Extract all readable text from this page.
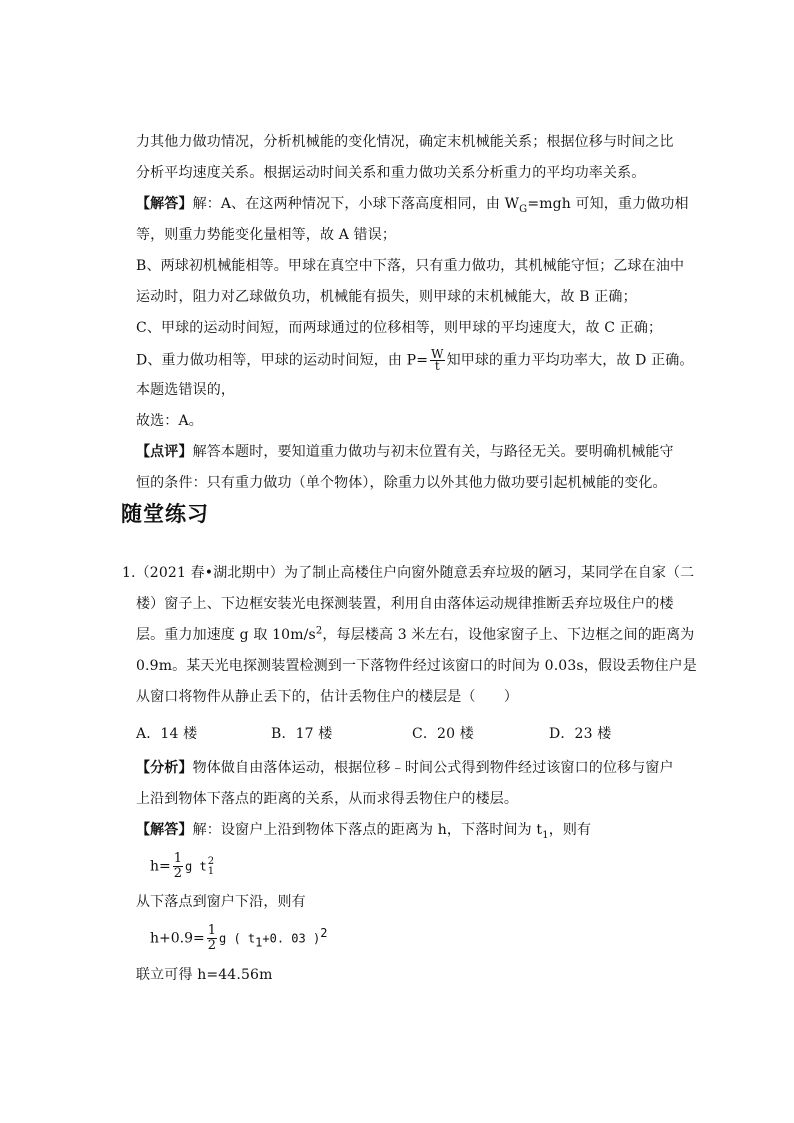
力其他力做功情况，分析机械能的变化情况，确定末机械能关系；根据位移与时间之比
分析平均速度关系。根据运动时间关系和重力做功关系分析重力的平均功率关系。
【解答】解：A、在这两种情况下，小球下落高度相同，由 $W_G=mgh$ 可知，重力做功相
等，则重力势能变化量相等，故 A 错误；
B、两球初机械能相等。甲球在真空中下落，只有重力做功，其机械能守恒；乙球在油中
运动时，阻力对乙球做负功，机械能有损失，则甲球的末机械能大，故 B 正确；
C、甲球的运动时间短，而两球通过的位移相等，则甲球的平均速度大，故 C 正确；
D、重力做功相等，甲球的运动时间短，由 $P= \frac{W}{t}$ 知甲球的重力平均功率大，故 D 正确。
本题选错误的，
故选：A。
【点评】解答本题时，要知道重力做功与初末位置有关，与路径无关。要明确机械能守
恒的条件：只有重力做功（单个物体），除重力以外其他力做功要引起机械能的变化。
随堂练习
1.（2021 春•湖北期中）为了制止高楼住户向窗外随意丢弃垃圾的陋习，某同学在自家（二
楼）窗子上、下边框安装光电探测装置，利用自由落体运动规律推断丢弃垃圾住户的楼
层。重力加速度 g 取 $10m/s^2$，每层楼高 3 米左右，设他家窗子上、下边框之间的距离为
0.9m。某天光电探测装置检测到一下落物件经过该窗口的时间为 0.03s，假设丢物住户是
从窗口将物件从静止丢下的，估计丢物住户的楼层是（　　）
A．14 楼	B．17 楼	C．20 楼	D．23 楼
【分析】物体做自由落体运动，根据位移﹣时间公式得到物件经过该窗口的位移与窗户
上沿到物体下落点的距离的关系，从而求得丢物住户的楼层。
【解答】解：设窗户上沿到物体下落点的距离为 h，下落时间为 $t_1$，则有
$h= \frac{1}{2}$ g t 2
1
从下落点到窗户下沿，则有
$h+0.9= \frac{1}{2}$ g ( $t_1+0$. 03 )$^2$
联立可得 h=44.56m
